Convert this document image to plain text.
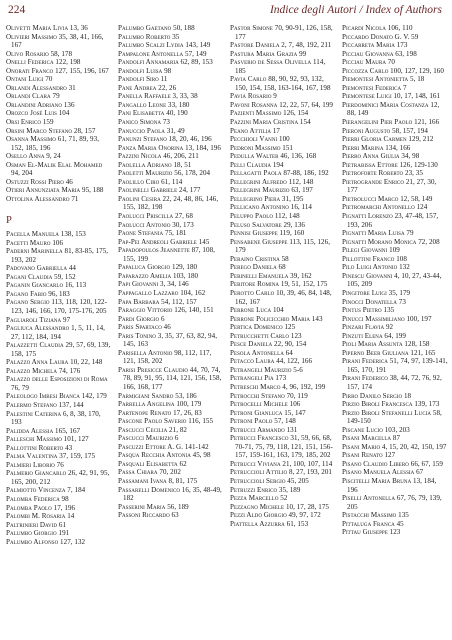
224	Indice degli Autori / Index of Authors

Olivetti Maria Livia 13, 36

Olivieri Massimo 35, 38, 41, 166, 167

Olivo Rosario 58, 178

Onelli Federica 122, 198

Onorati Franco 127, 155, 196, 167

Ontani Luigi 70

Orlandi Alessandro 31

Orlandi Clara 79

Orlandini Adriano 136

Orozco José Luis 104

Orsi Enrico 159

Orsini Marco Stefano 28, 157

Osanna Massimo 61, 71, 89, 93, 152, 185, 196

Osello Anna 9, 24

Osman El-Malik Elal Mohamed 94, 204

Ostuzzi Rossi Piero 46

Otieri Annunziata Maria 95, 188

Ottolina Alessandro 71

P

Pacella Manuela 138, 153

Pacetti Mauro 106

Paderni Marinella 81, 83-85, 175, 193, 202

Padovano Gabriella 44

Pagani Claudia 59, 152

Paganin Giancarlo 16, 113

Pagano Fabio 96, 183

Pagano Sergio 113, 118, 120, 122-123, 146, 166, 170, 175-176, 205

Pagliaroli Tiziana 97

Pagliuca Alessandro 1, 5, 11, 14, 27, 112, 184, 194

Palazzetti Claudia 29, 57, 69, 139, 158, 175

Palazzo Anna Laura 10, 22, 148

Palazzo Michela 74, 176

Palazzo delle Esposizioni di Roma 76, 79

Paleologo Imbesi Bianca 142, 179

Palermo Stefano 137, 144

Palestini Caterina 6, 8, 38, 170, 193

Palidda Alessia 165, 167

Palleschi Massimo 101, 127

Pallottini Roberto 43

Palma Valentina 37, 159, 175

Palmieri Liborio 76

Palmerio Giancarlo 26, 42, 91, 95, 165, 200, 212

Palmiotto Vincenza 7, 184

Palomba Federica 98

Palomba Paolo 17, 196

Palombi M. Rosaria 14

Paltrinieri David 61

Palumbo Giorgio 191

Palumbo Alfonso 127, 132

Palumbo Gaetano 50, 188

Palumbo Roberto 35

Palumbo Scalzi Lydia 143, 149

Pampalone Antonella 57, 149

Pandolfi Annamaria 62, 89, 153

Pandolfi Luisa 98

Pandolfi Siro 11

Pane Andrea 22, 26

Panella Raffaele 3, 33, 38

Pangallo Leone 33, 180

Pani Elisabetta 40, 190

Panico Simona 73

Panuccio Paola 31, 49

Panunzi Stefano 18, 20, 46, 196

Panza Maria Onorina 13, 184, 196

Pazzini Nicola 46, 206, 211

Paolella Adriano 18, 51

Paoletti Maurizio 56, 178, 204

Paolillo Ciro 61, 114

Paolinelli Gabriele 24, 177

Paolini Cesira 22, 24, 48, 86, 146, 155, 182, 198

Paolucci Priscilla 27, 68

Paolucci Antonio 30, 173

Paone Stefania 75, 181

Pap-Pei Andreoli Gabriele 145

Papadopoulos Jeannette 87, 108, 155, 199

Papaluca Giorgio 129, 180

Paparazzo Amelia 103, 180

Papi Giovanni 3, 34, 146

Pappagallo Lazzaro 104, 162

Papa Barbara 54, 112, 157

Paraggio Vittorio 126, 140, 151

Pardi Giorgio 6

Paris Spartaco 46

Paris Tonino 3, 35, 37, 63, 82, 94, 145, 163

Parisella Antonio 98, 112, 117, 121, 158, 202

Parisi Presicce Claudio 44, 70, 74, 78, 89, 91, 95, 114, 121, 156, 158, 166, 168, 177

Parmigiani Sandro 53, 186

Parrella Angelina 100, 179

Partenope Renato 17, 26, 83

Pascone Paolo Saverio 116, 155

Pascucci Cecilia 21, 82

Pascucci Maurizio 6

Pascuzzi Ettore A. G. 141-142

Pasqua Recchia Antonia 45, 98

Pasquali Elisabetta 62

Passa Chiara 70, 202

Passamani Ivana 8, 81, 175

Passarelli Domenico 16, 35, 48-49, 182

Passerini Maria 56, 189

Passoni Riccardo 63

Pastor Simone 70, 90-91, 126, 158, 177

Pastore Daniela 2, 7, 48, 192, 211

Pastura Maria Grazia 99

Pasverio de Sessa Olivella 114, 185

Pavia Carlo 88, 90, 92, 93, 132, 150, 154, 158, 163-164, 167, 198

Pavia Rosario 9

Pavoni Rosanna 12, 22, 57, 64, 199

Pazienti Massimo 126, 154

Pazzini Maria Cristina 154

Peano Attilia 17

Pecchioli Vanni 100

Pedroni Massimo 151

Pedulla Walter 46, 136, 168

Pelli Claudia 194

Pellagatti Paola 87-88, 186, 192

Pellegrini Alfredo 112, 148

Pellegrini Maurizio 63, 197

Pellegrino Piera 31, 195

Pellicano Antonino 16, 114

Peluppo Paolo 112, 148

Peluso Salvatore 29, 136

Pennisi Giuseppe 119, 160

Pensabene Giuseppe 113, 115, 126, 179

Peraino Cristina 58

Perego Daniela 68

Perinelli Emanuela 39, 162

Peritore Romina 19, 51, 152, 175

Perotto Carlo 10, 39, 46, 84, 148, 162, 167

Perrone Luca 104

Perrone Policicchio Maria 143

Pertica Domenico 125

Petrucchetti Carlo 123

Pesce Daniela 22, 90, 154

Pesola Antonella 64

Petacco Laura 44, 122, 166

Petrangeli Maurizio 5-6

Petrangeli Pia 173

Petreschi Marco 4, 96, 192, 199

Petrocchi Stefano 70, 119

Petrocelli Michele 106

Petroni Gianluca 15, 147

Petroni Paolo 57, 148

Petrucci Armando 131

Petrucci Francesco 31, 59, 66, 68, 70-71, 75, 79, 118, 121, 151, 156-157, 159-161, 163, 179, 185, 202

Petrucci Viviana 21, 100, 107, 114

Petruccioli Attilio 8, 27, 193, 201

Petruccioli Sergio 45, 205

Petruzzi Enrico 35, 189

Pezza Marcello 52

Pezzagno Michele 10, 17, 28, 175

Pezzi Aldo Giorgio 49, 97, 172

Piattella Azzurra 61, 153

Picardi Nicola 106, 110

Piccardo Donato G. V. 59

Piccarreta Maria 173

Picciau Giovanna 63, 198

Picciau Maura 70

Piccozza Carlo 100, 127, 129, 160

Piemontesi Antonietta 5, 18

Piemontesi Federica 7

Piemontese Luigi 10, 17, 148, 161

Pierdominici Maria Costanza 12, 88, 149

Pierangelini Pier Paolo 121, 166

Pieroni Augusto 58, 157, 194

Pierri Gloria Carmen 129, 212

Pierri Marina 134, 166

Pierro Anna Giulia 34, 98

Pietrabissa Ettore 126, 129-130

Pietroforte Roberto 23, 35

Pietrogrande Enrico 21, 27, 30, 177

Pietrolucci Marco 12, 58, 149

Pietromarchi Antonello 124

Pignatti Lorenzo 23, 47-48, 157, 193, 206

Pignatti Maria Luisa 79

Pignatti Morano Monica 72, 208

Pilegi Giovanni 109

Pillottini Franco 108

Pilo Luigi Antonio 132

Pinescu Giovanni 4, 10, 27, 43-44, 105, 209

Pingitore Luigi 35, 179

Pinocci Donatella 73

Pintus Pietro 135

Pinucci Massimiliano 100, 197

Pinzari Flavia 92

Pinzuti Elena 64, 199

Pioli Maria Assunta 128, 158

Piperno Beer Giuliana 121, 165

Pirani Federica 51, 74, 97, 139-141, 165, 170, 191

Pirani Federico 38, 44, 72, 76, 92, 157, 174

Pirro Danilo Sergio 18

Pirzio Biroli Francesca 139, 173

Pirzio Biroli Stefanelli Lucia 58, 149-150

Piscane Lucio 103, 203

Pisani Marcella 87

Pisani Mario 4, 15, 20, 42, 150, 197

Pisani Renato 127

Pisano Claudio Libero 66, 67, 159

Pisano Manuela Alessia 67

Piscitelli Maria Bruna 13, 184, 196

Piselli Antonella 67, 76, 79, 139, 205

Pistacchi Massimo 135

Pittaluga Franca 45

Pittau Giuseppe 123
